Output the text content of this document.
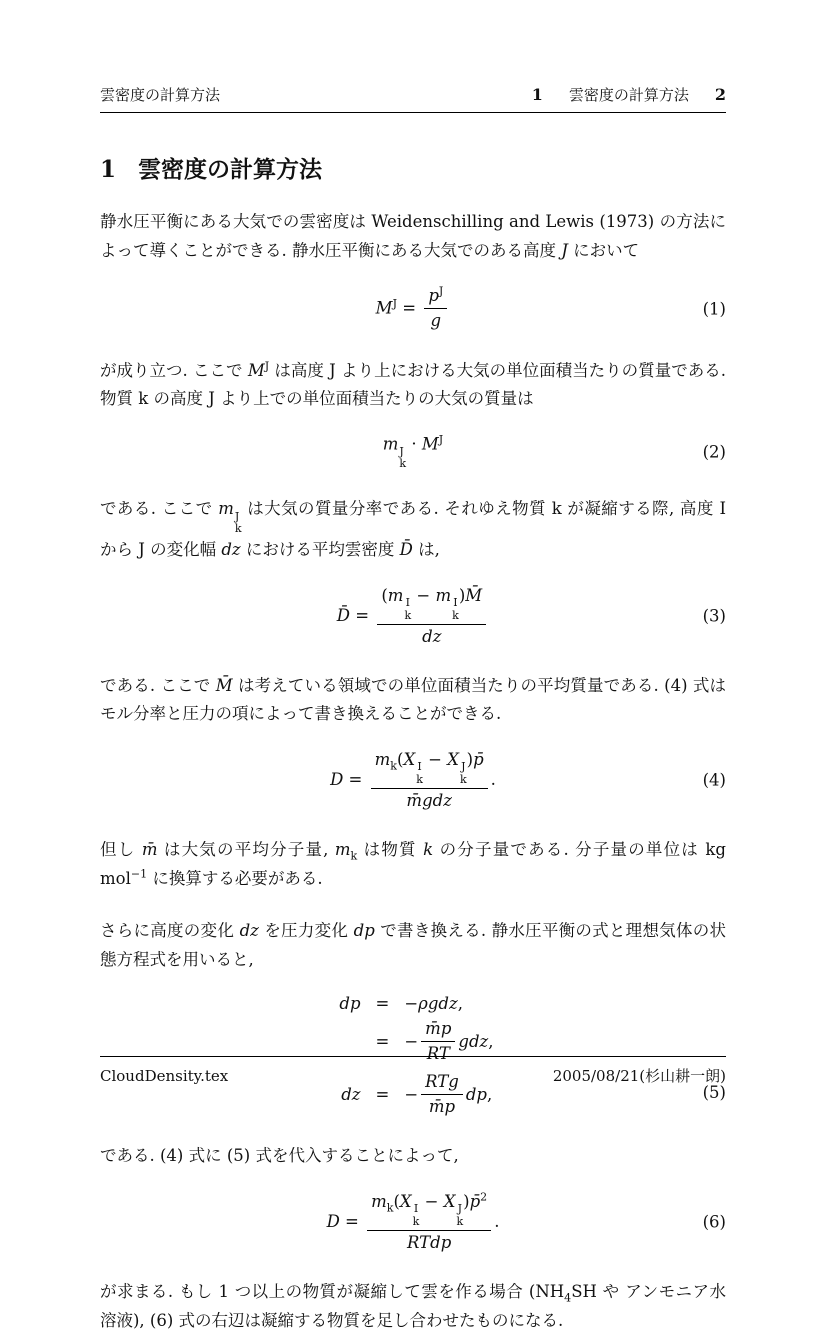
雲密度の計算方法	1 雲密度の計算方法 2
1 雲密度の計算方法

静水圧平衡にある大気での雲密度は Weidenschilling and Lewis (1973) の方法によって導くことができる. 静水圧平衡にある大気でのある高度 J において

$M^J = \frac{p^J}{g}$	(1)

が成り立つ. ここで $M^J$ は高度 J より上における大気の単位面積当たりの質量である. 物質 k の高度 J より上での単位面積当たりの大気の質量は

m J
k
· $M^J$
(2)

である. ここで m J
k
は大気の質量分率である. それゆえ物質 k が凝縮する際, 高度 I から J の変化幅 dz における平均雲密度 D̄ は,

D̄ = (m I
k
− m I
k
)M̄
dz	(3)

である. ここで M̄ は考えている領域での単位面積当たりの平均質量である. (4) 式はモル分率と圧力の項によって書き換えることができる.

$D = m_k(X$ I
k
− X J
k
)p̄
m̄gdz .	(4)

但し m̄ は大気の平均分子量, $m_k$ は物質 k の分子量である. 分子量の単位は kg mol$^{-1}$ に換算する必要がある.

さらに高度の変化 dz を圧力変化 dp で書き換える. 静水圧平衡の式と理想気体の状態方程式を用いると,

dp = − ρgdz ,
= − $\frac{m̄p}{RT}$ gdz ,
dz = − $\frac{\text{RTg}}{m̄p}$ dp ,	(5)

である. (4) 式に (5) 式を代入することによって,

$D = m_k(X$ I
k
− X J
k
)p̄$^2$
RTdp .	(6)

が求まる. もし 1 つ以上の物質が凝縮して雲を作る場合 ($NH_4SH$ や アンモニア水溶液), (6) 式の右辺は凝縮する物質を足し合わせたものになる.

CloudDensity.tex	2005/08/21(杉山耕一朗)
